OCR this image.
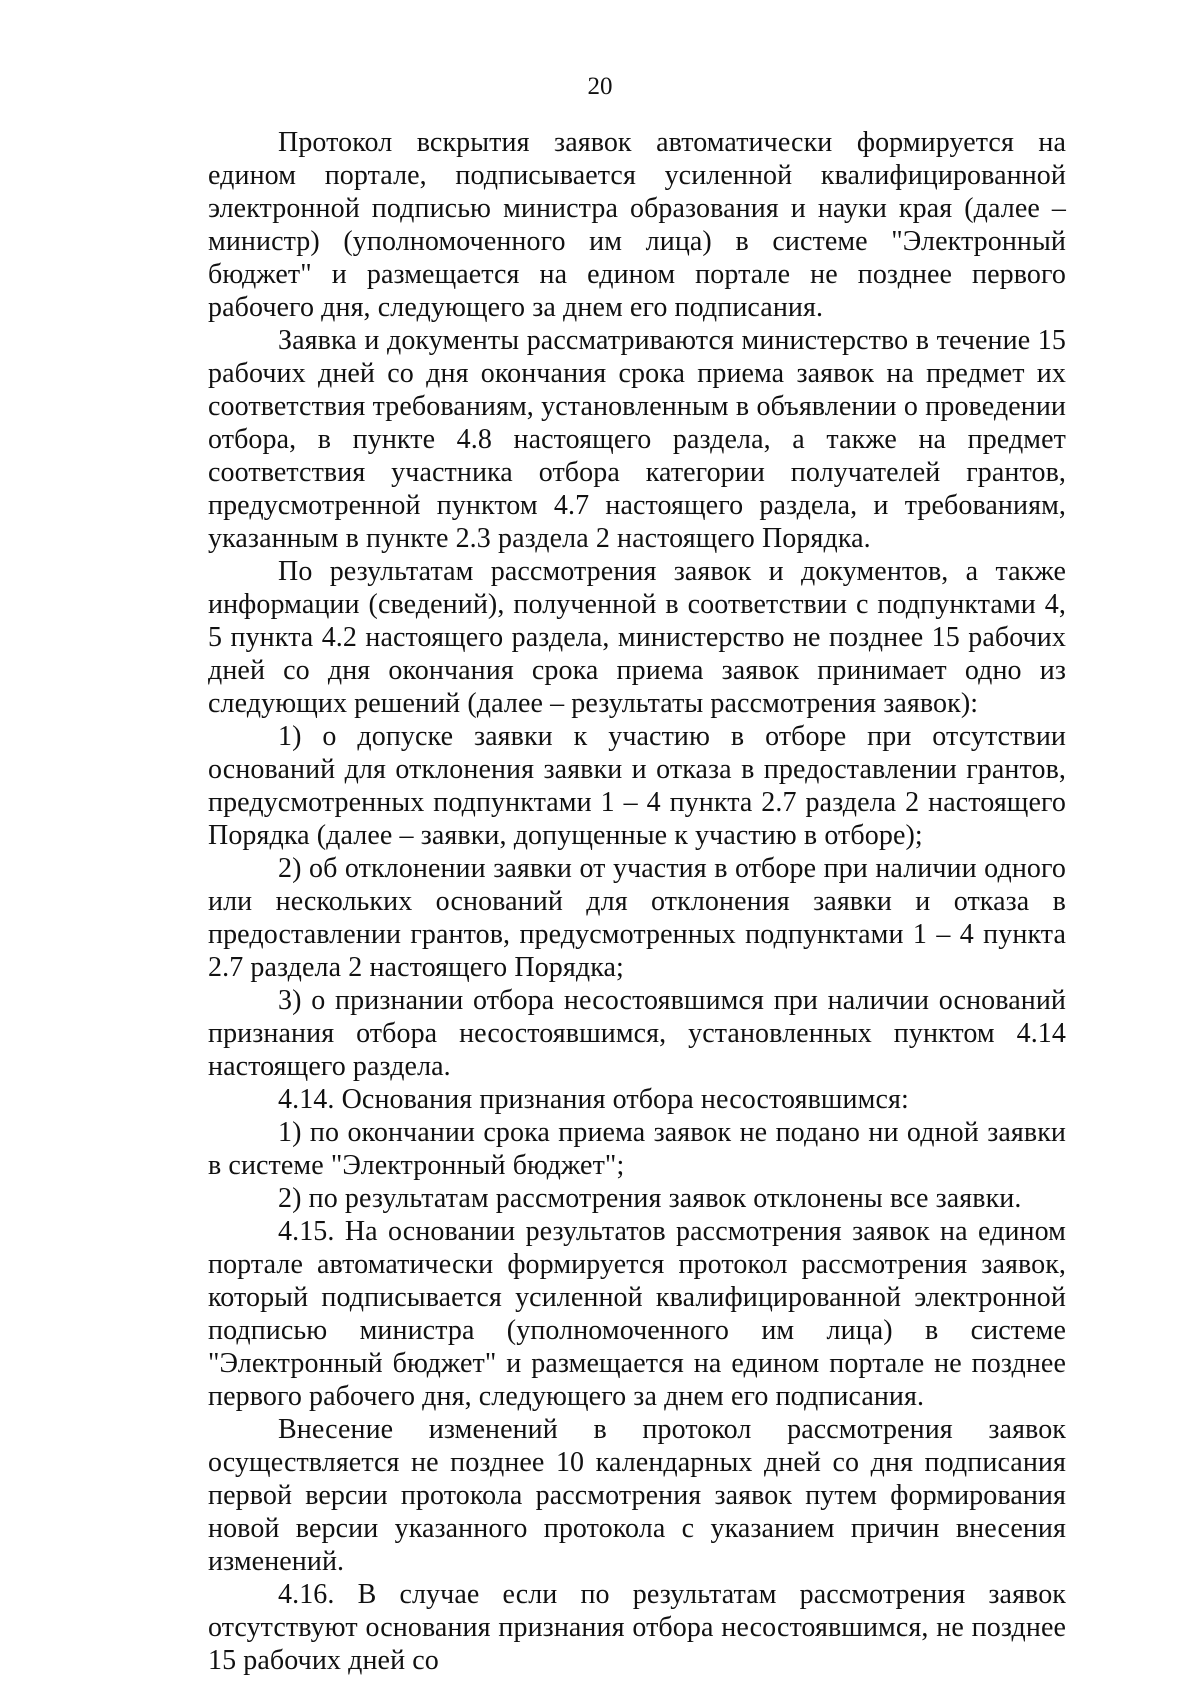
20

Протокол вскрытия заявок автоматически формируется на едином портале, подписывается усиленной квалифицированной электронной подписью министра образования и науки края (далее – министр) (уполномоченного им лица) в системе "Электронный бюджет" и размещается на едином портале не позднее первого рабочего дня, следующего за днем его подписания.

Заявка и документы рассматриваются министерство в течение 15 рабочих дней со дня окончания срока приема заявок на предмет их соответствия требованиям, установленным в объявлении о проведении отбора, в пункте 4.8 настоящего раздела, а также на предмет соответствия участника отбора категории получателей грантов, предусмотренной пунктом 4.7 настоящего раздела, и требованиям, указанным в пункте 2.3 раздела 2 настоящего Порядка.

По результатам рассмотрения заявок и документов, а также информации (сведений), полученной в соответствии с подпунктами 4, 5 пункта 4.2 настоящего раздела, министерство не позднее 15 рабочих дней со дня окончания срока приема заявок принимает одно из следующих решений (далее – результаты рассмотрения заявок):

1) о допуске заявки к участию в отборе при отсутствии оснований для отклонения заявки и отказа в предоставлении грантов, предусмотренных подпунктами 1 – 4 пункта 2.7 раздела 2 настоящего Порядка (далее – заявки, допущенные к участию в отборе);

2) об отклонении заявки от участия в отборе при наличии одного или нескольких оснований для отклонения заявки и отказа в предоставлении грантов, предусмотренных подпунктами 1 – 4 пункта 2.7 раздела 2 настоящего Порядка;

3) о признании отбора несостоявшимся при наличии оснований признания отбора несостоявшимся, установленных пунктом 4.14 настоящего раздела.

4.14. Основания признания отбора несостоявшимся:

1) по окончании срока приема заявок не подано ни одной заявки в системе "Электронный бюджет";

2) по результатам рассмотрения заявок отклонены все заявки.

4.15. На основании результатов рассмотрения заявок на едином портале автоматически формируется протокол рассмотрения заявок, который подписывается усиленной квалифицированной электронной подписью министра (уполномоченного им лица) в системе "Электронный бюджет" и размещается на едином портале не позднее первого рабочего дня, следующего за днем его подписания.

Внесение изменений в протокол рассмотрения заявок осуществляется не позднее 10 календарных дней со дня подписания первой версии протокола рассмотрения заявок путем формирования новой версии указанного протокола с указанием причин внесения изменений.

4.16. В случае если по результатам рассмотрения заявок отсутствуют основания признания отбора несостоявшимся, не позднее 15 рабочих дней со
